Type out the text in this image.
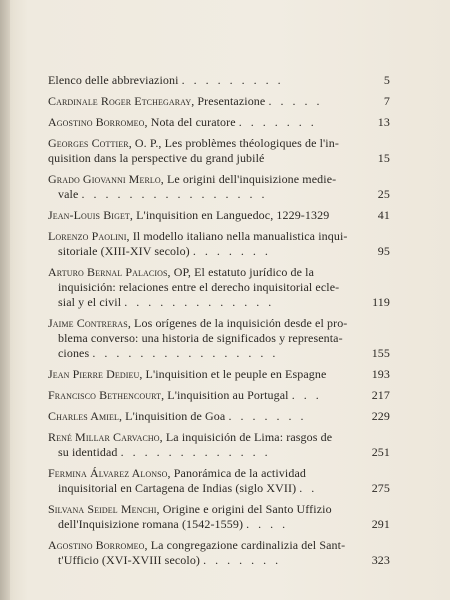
Elenco delle abbreviazioni . . . . . . . . .	5
Cardinale Roger Etchegaray, Presentazione . . . . .	7
Agostino Borromeo, Nota del curatore . . . . . . .	13
Georges Cottier, O. P., Les problèmes théologiques de l'in-
quisition dans la perspective du grand jubilé	15
Grado Giovanni Merlo, Le origini dell'inquisizione medie-
vale . . . . . . . . . . . . . . . .	25
Jean-Louis Biget, L'inquisition en Languedoc, 1229-1329	41
Lorenzo Paolini, Il modello italiano nella manualistica inqui-
sitoriale (XIII-XIV secolo) . . . . . . .	95
Arturo Bernal Palacios, OP, El estatuto jurídico de la
inquisición: relaciones entre el derecho inquisitorial ecle-
sial y el civil . . . . . . . . . . . . .	119
Jaime Contreras, Los orígenes de la inquisición desde el pro-
blema converso: una historia de significados y representa-
ciones . . . . . . . . . . . . . . . .	155
Jean Pierre Dedieu, L'inquisition et le peuple en Espagne	193
Francisco Bethencourt, L'inquisition au Portugal . . .	217
Charles Amiel, L'inquisition de Goa . . . . . . .	229
René Millar Carvacho, La inquisición de Lima: rasgos de
su identidad . . . . . . . . . . . . .	251
Fermina Álvarez Alonso, Panorámica de la actividad
inquisitorial en Cartagena de Indias (siglo XVII) . .	275
Silvana Seidel Menchi, Origine e origini del Santo Uffizio
dell'Inquisizione romana (1542-1559) . . . .	291
Agostino Borromeo, La congregazione cardinalizia del Sant-
t'Ufficio (XVI-XVIII secolo) . . . . . . .	323
